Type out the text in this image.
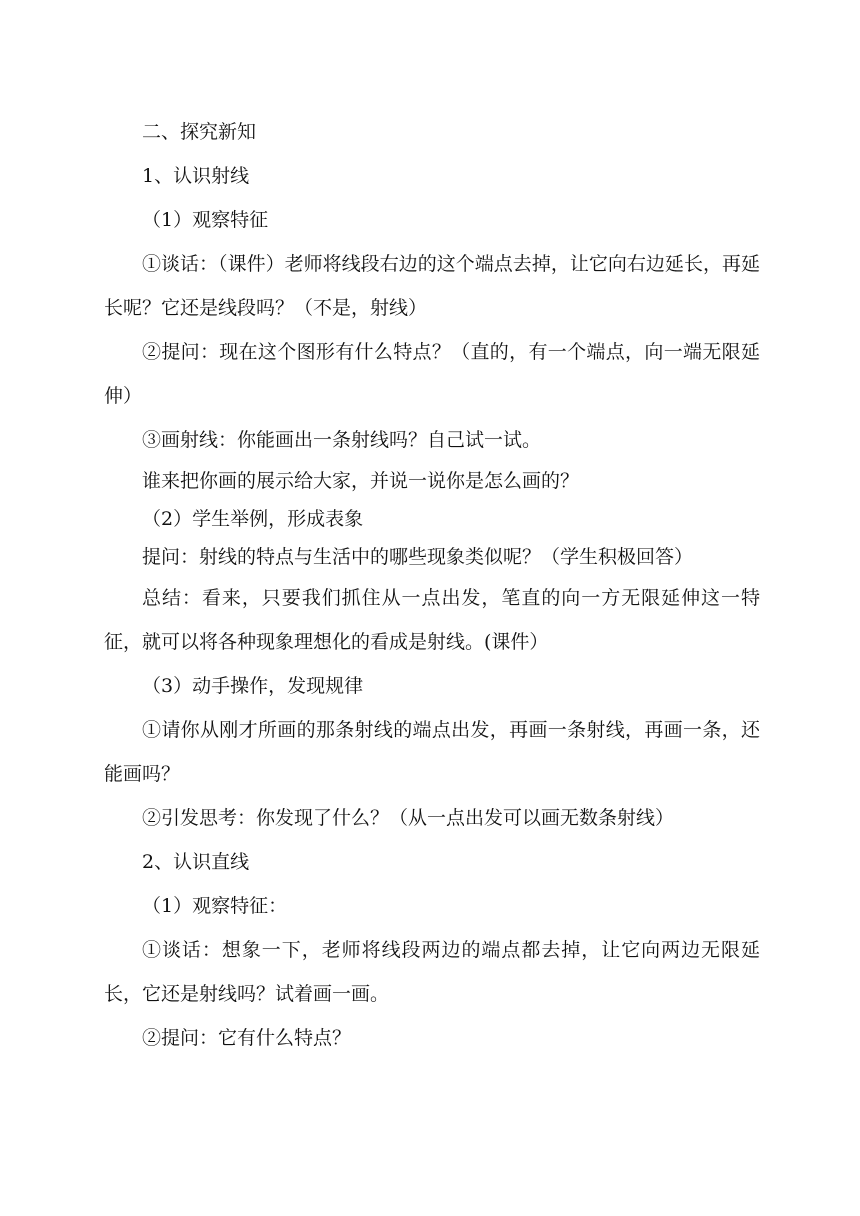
二、探究新知

1、认识射线

（1）观察特征

①谈话：（课件）老师将线段右边的这个端点去掉，让它向右边延长，再延长呢？它还是线段吗？（不是，射线）

②提问：现在这个图形有什么特点？（直的，有一个端点，向一端无限延伸）

③画射线：你能画出一条射线吗？自己试一试。

谁来把你画的展示给大家，并说一说你是怎么画的？

（2）学生举例，形成表象

提问：射线的特点与生活中的哪些现象类似呢？（学生积极回答）

总结：看来，只要我们抓住从一点出发，笔直的向一方无限延伸这一特征，就可以将各种现象理想化的看成是射线。(课件）

（3）动手操作，发现规律

①请你从刚才所画的那条射线的端点出发，再画一条射线，再画一条，还能画吗？

②引发思考：你发现了什么？（从一点出发可以画无数条射线）

2、认识直线

（1）观察特征：

①谈话：想象一下，老师将线段两边的端点都去掉，让它向两边无限延长，它还是射线吗？试着画一画。

②提问：它有什么特点？
